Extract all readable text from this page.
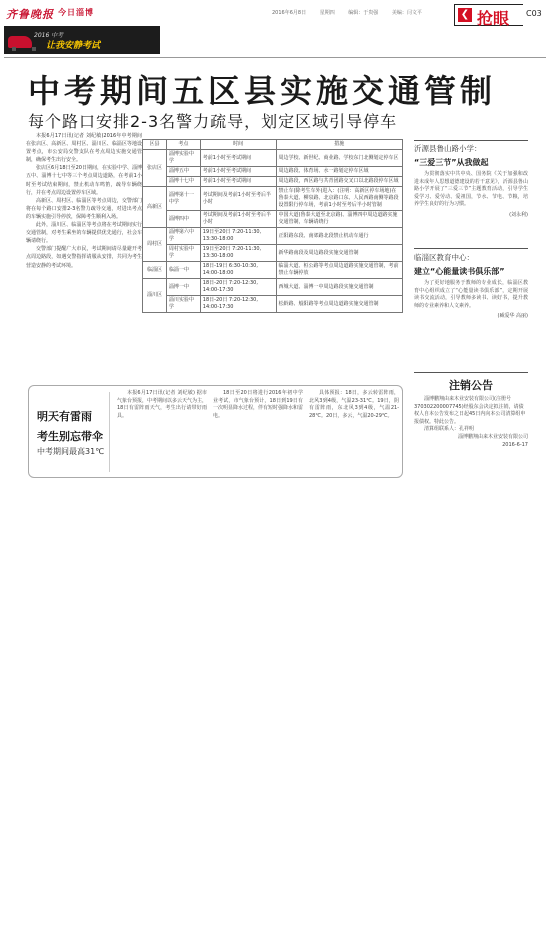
齐鲁晚报 今日淄博	2016年6月8日	星期四	编辑：于贵强	美编：闫文平	❮ 抢眼 C03
2016 中考
让我安静考试
中考期间五区县实施交通管制
每个路口安排2-3名警力疏导，划定区域引导停车

本报6月17日讯(记者 刘纪敏)2016年中考期间在张店区、高新区、周村区、淄川区、临淄区等地设置考点，市公安局交警支队在考点周边实施交通管制，确保考生出行安全。

张店区6月18日至20日期间，在实验中学、淄博五中、淄博十七中等三个考点周边道路，在考前1小时至考试结束期间，禁止机动车鸣笛，疏导车辆绕行，并在考点周边设置停车区域。

高新区、周村区、临淄区等考点周边，交警部门将在每个路口安排2-3名警力疏导交通，对进出考点的车辆实施引导停放，保障考生顺利入场。

此外，淄川区、临淄区等考点将在考试期间实行交通管制，对考生乘坐的车辆提供优先通行，社会车辆请绕行。

交警部门提醒广大市民，考试期间请尽量避开考点周边路段，如遇交警指挥请服从安排，共同为考生营造安静的考试环境。

区县	考点	时间	措施
张店区	淄博实验中学	考前1小时至考试期间	周边学校、新世纪、商业路、学校东门北侧划定停车区
	淄博五中	考前1小时至考试期间	周边路段、体育场、水一路划定停车区域
	淄博十七中	考前1小时至考试期间	周边路段，西区路与共青团路交叉口以北路段停车区域
高新区	淄博第十一中学	考试期间及考前1小时至考后半小时	禁止车(除考生车外)进入：(注明：高新区停车场地)在鲁泰大道、柳泉路、北京路口东、人民西路南侧等路段设置限行停车场，考前1小时至考后半小时管制
	淄博四中	考试期间及考前1小时至考后半小时	中国大道(鲁泰大道至北京路)、淄博四中周边道路实施交通管制，车辆请绕行
周村区	淄博第六中学	19日至20日 7:20-11:30, 13:30-18:00	正阳路东段、南郊路北段禁止机动车通行
	周村实验中学	19日至20日 7:20-11:30, 13:30-18:00	新华路南段及周边路段实施交通管制
临淄区	临淄一中	18日-19日 6:30-10:30, 14:00-18:00	临淄大道、桓公路等考点周边道路实施交通管制，考前禁止车辆停放
淄川区	淄博一中	18日-20日 7:20-12:30, 14:00-17:30	西城大道、淄博一中周边路段实施交通管制
	淄川实验中学	18日-20日 7:20-12:30, 14:00-17:30	松龄路、般阳路等考点周边道路实施交通管制
沂源县鲁山路小学：
“三爱三节”从我做起

为贯彻落实中共中央、国务院《关于加强和改进未成年人思想道德建设的若干意见》，沂源县鲁山路小学开展了“三爱三节”主题教育活动，引导学生爱学习、爱劳动、爱祖国，节水、节电、节粮，培养学生良好的行为习惯。

(刘永利)
临淄区教育中心：
建立“心能量读书俱乐部”

为了更好地服务于教师的专业成长，临淄区教育中心组织成立了“心能量读书俱乐部”，定期开展读书交流活动，引导教师多读书、读好书，提升教师的专业素养和人文素养。

(臧爱华 高丽)
注销公告

淄博鹏翔由来木业安装有限公司(注册号370302200007745)经股东会决定拟注销，请债权人自本公告发布之日起45日内向本公司清算组申报债权。特此公告。

清算组联系人：孔祥明

淄博鹏翔由来木业安装有限公司

2016-6-17

明天有雷雨
考生别忘带伞
中考期间最高31℃

本报6月17日讯(记者 刘纪敏) 据市气象台预报，中考期间以多云天气为主，18日有雷阵雨天气，考生出行请带好雨具。

18日至20日将进行2016年初中学业考试，市气象台预计，18日到19日有一次明显降水过程，伴有短时强降水和雷电。

具体预报：18日，多云转雷阵雨，北风3到4级，气温23-31℃。19日，阴有雷阵雨，东北风3到4级，气温21-28℃。20日，多云，气温20-29℃。
